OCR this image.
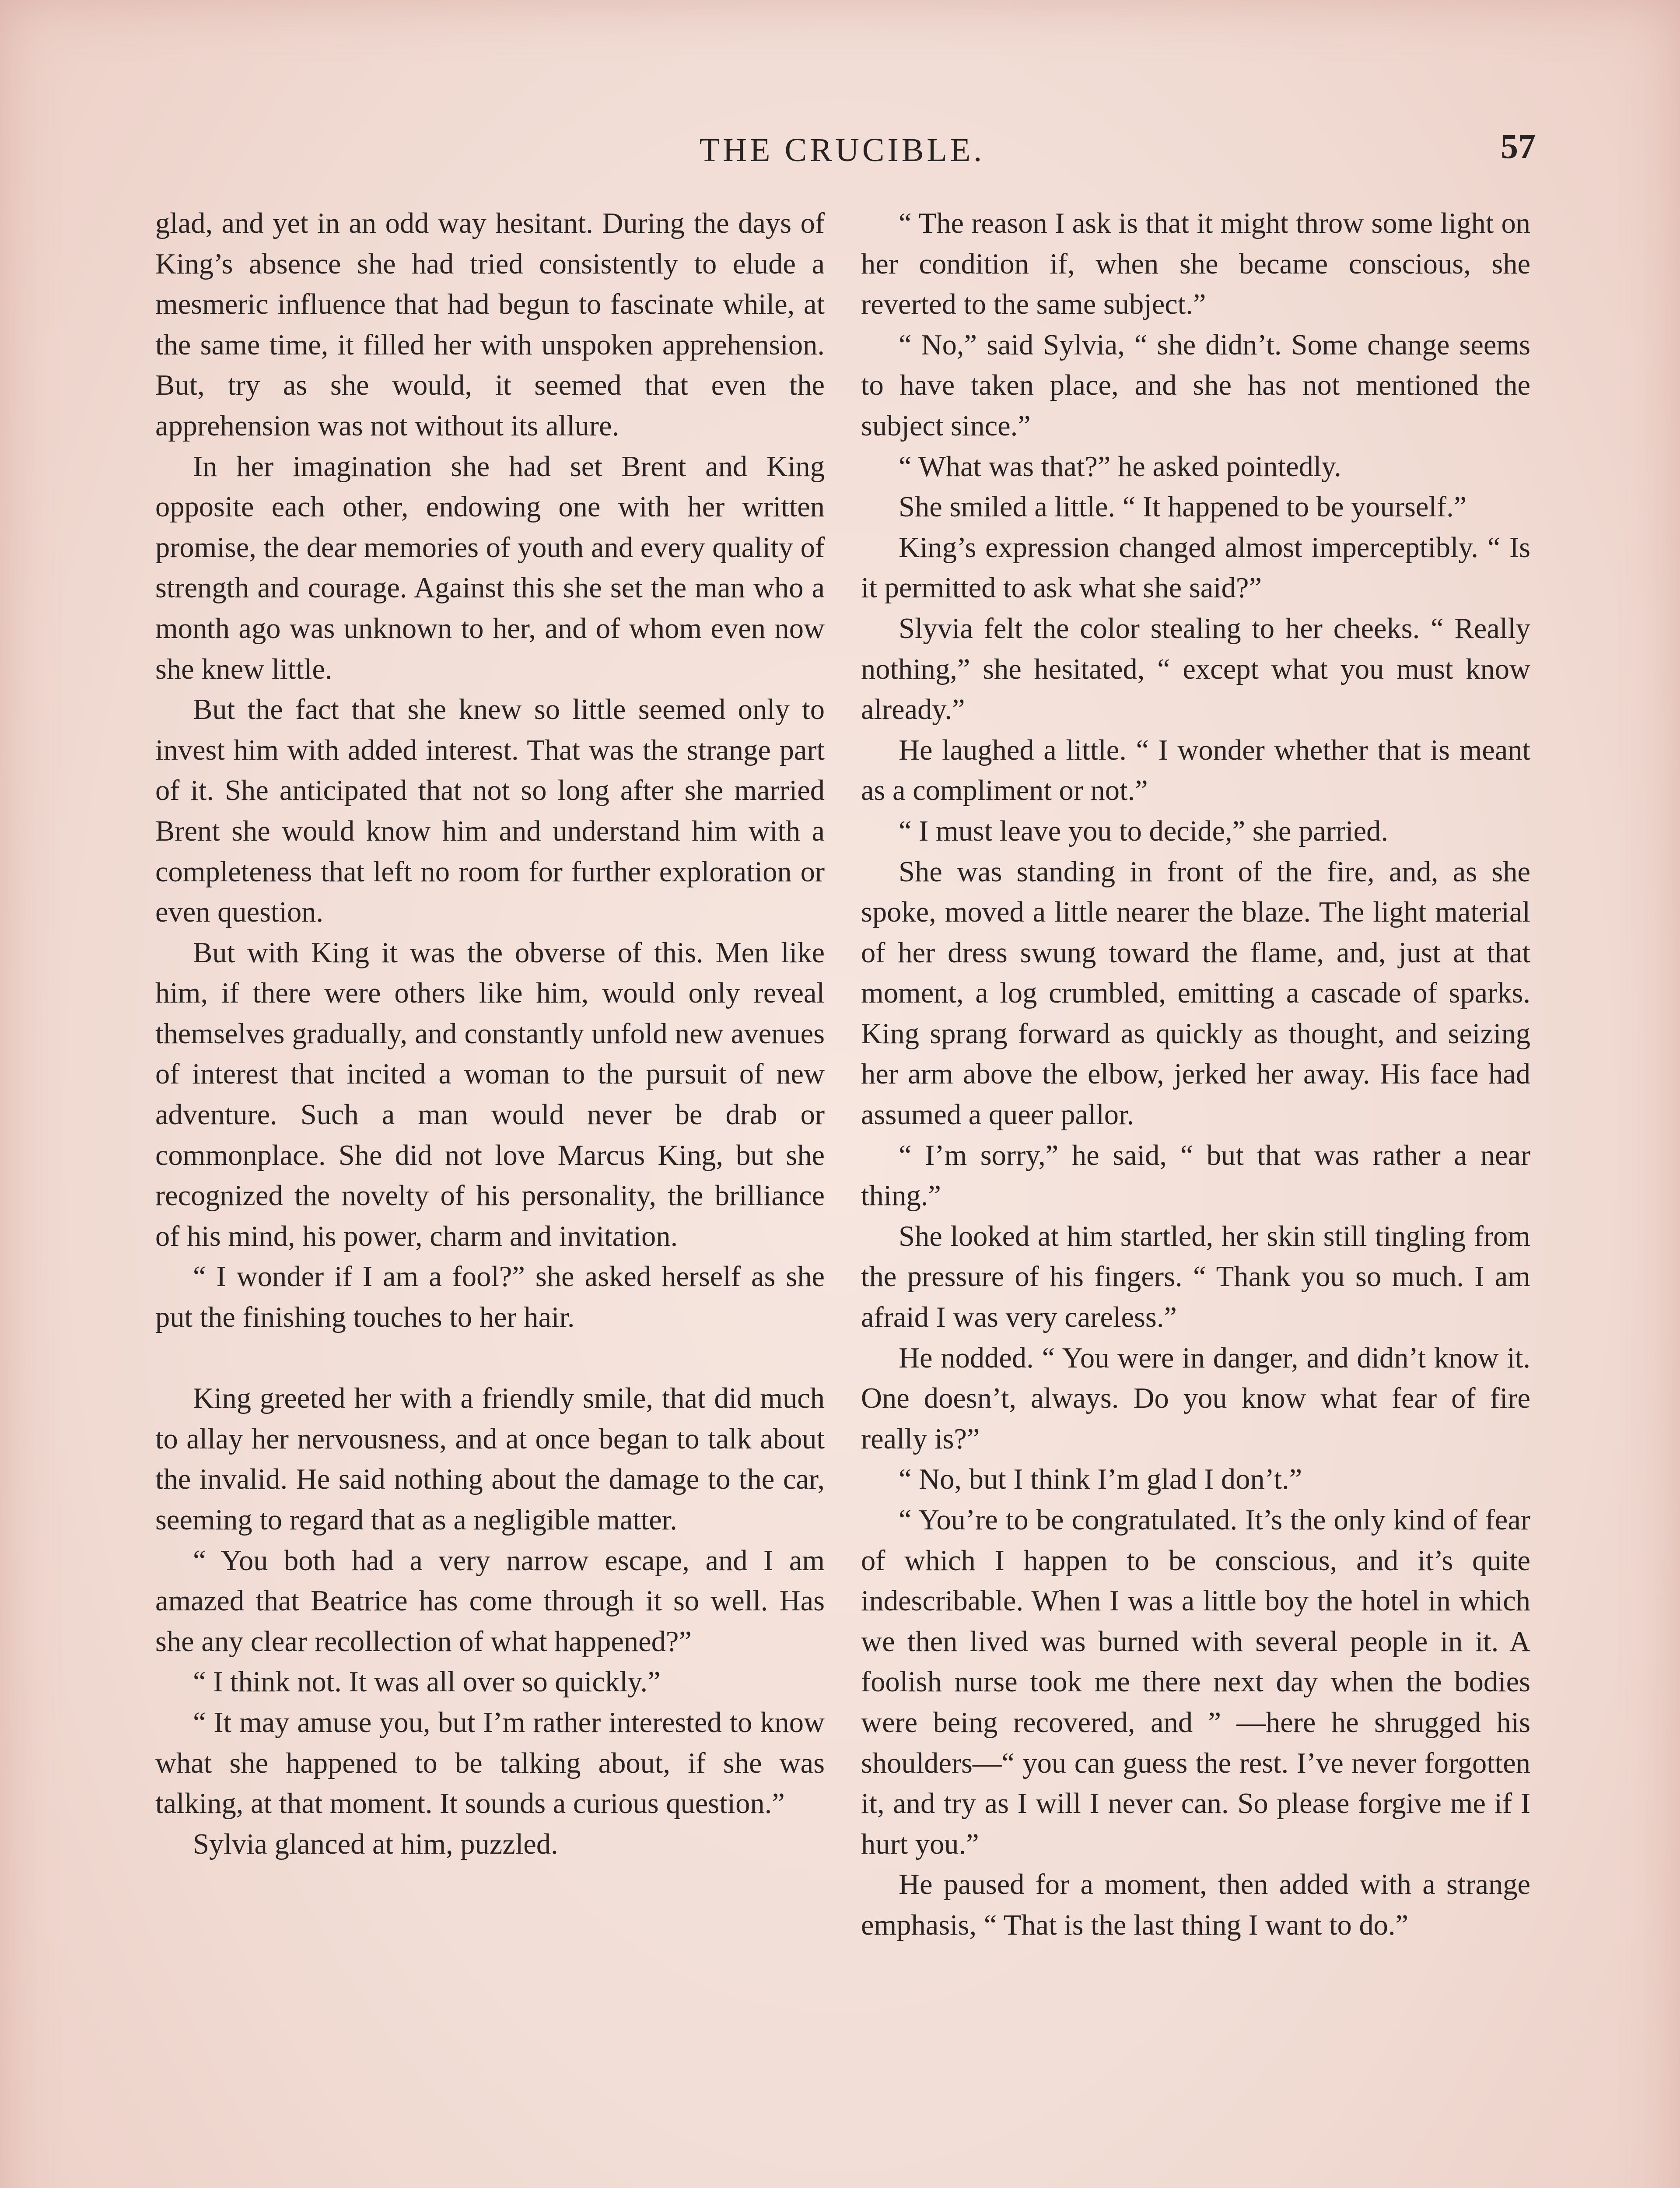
THE CRUCIBLE.	57

glad, and yet in an odd way hesitant. During the days of King’s absence she had tried consistently to elude a mesmeric influence that had begun to fascinate while, at the same time, it filled her with unspoken apprehension. But, try as she would, it seemed that even the apprehension was not without its allure.

In her imagination she had set Brent and King opposite each other, endowing one with her written promise, the dear memories of youth and every quality of strength and courage. Against this she set the man who a month ago was unknown to her, and of whom even now she knew little.

But the fact that she knew so little seemed only to invest him with added interest. That was the strange part of it. She anticipated that not so long after she married Brent she would know him and understand him with a completeness that left no room for further exploration or even question.

But with King it was the obverse of this. Men like him, if there were others like him, would only reveal themselves gradually, and constantly unfold new avenues of interest that incited a woman to the pursuit of new adventure. Such a man would never be drab or commonplace. She did not love Marcus King, but she recognized the novelty of his personality, the brilliance of his mind, his power, charm and invitation.

“ I wonder if I am a fool?” she asked herself as she put the finishing touches to her hair.

King greeted her with a friendly smile, that did much to allay her nervousness, and at once began to talk about the invalid. He said nothing about the damage to the car, seeming to regard that as a negligible matter.

“ You both had a very narrow escape, and I am amazed that Beatrice has come through it so well. Has she any clear recollection of what happened?”

“ I think not. It was all over so quickly.”

“ It may amuse you, but I’m rather interested to know what she happened to be talking about, if she was talking, at that moment. It sounds a curious question.”

Sylvia glanced at him, puzzled.

“ The reason I ask is that it might throw some light on her condition if, when she became conscious, she reverted to the same subject.”

“ No,” said Sylvia, “ she didn’t. Some change seems to have taken place, and she has not mentioned the subject since.”

“ What was that?” he asked pointedly.

She smiled a little. “ It happened to be yourself.”

King’s expression changed almost imperceptibly. “ Is it permitted to ask what she said?”

Slyvia felt the color stealing to her cheeks. “ Really nothing,” she hesitated, “ except what you must know already.”

He laughed a little. “ I wonder whether that is meant as a compliment or not.”

“ I must leave you to decide,” she parried.

She was standing in front of the fire, and, as she spoke, moved a little nearer the blaze. The light material of her dress swung toward the flame, and, just at that moment, a log crumbled, emitting a cascade of sparks. King sprang forward as quickly as thought, and seizing her arm above the elbow, jerked her away. His face had assumed a queer pallor.

“ I’m sorry,” he said, “ but that was rather a near thing.”

She looked at him startled, her skin still tingling from the pressure of his fingers. “ Thank you so much. I am afraid I was very careless.”

He nodded. “ You were in danger, and didn’t know it. One doesn’t, always. Do you know what fear of fire really is?”

“ No, but I think I’m glad I don’t.”

“ You’re to be congratulated. It’s the only kind of fear of which I happen to be conscious, and it’s quite indescribable. When I was a little boy the hotel in which we then lived was burned with several people in it. A foolish nurse took me there next day when the bodies were being recovered, and ” —here he shrugged his shoulders—“ you can guess the rest. I’ve never forgotten it, and try as I will I never can. So please forgive me if I hurt you.”

He paused for a moment, then added with a strange emphasis, “ That is the last thing I want to do.”
